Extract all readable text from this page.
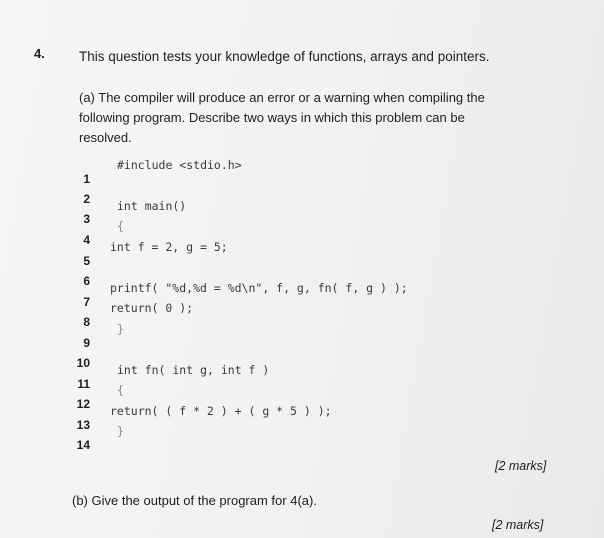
4.	This question tests your knowledge of functions, arrays and pointers.
(a) The compiler will produce an error or a warning when compiling the following program. Describe two ways in which this problem can be resolved.
1
2
3
4
5
6
7
8
9
10
11
12
13
14
#include <stdio.h>
int main()
{
int f = 2, g = 5;
printf( "%d,%d = %d\n", f, g, fn( f, g ) );
return( 0 );
}
int fn( int g, int f )
{
return( ( f * 2 ) + ( g * 5 ) );
}
[2 marks]
(b) Give the output of the program for 4(a).
[2 marks]
